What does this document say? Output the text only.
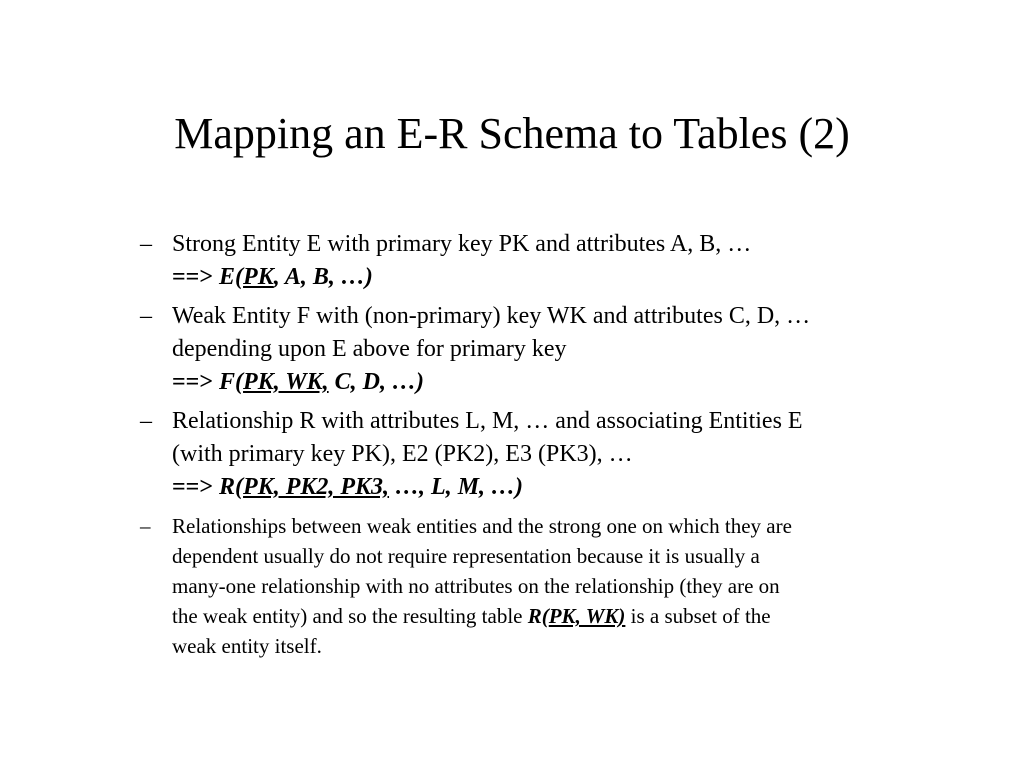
Mapping an E-R Schema to Tables (2)
– Strong Entity E with primary key PK and attributes A, B, …
==> E(PK, A, B, …)
– Weak Entity F with (non-primary) key WK and attributes C, D, …
depending upon E above for primary key
==> F(PK, WK, C, D, …)
– Relationship R with attributes L, M, … and associating Entities E
(with primary key PK), E2 (PK2), E3 (PK3), …
==> R(PK, PK2, PK3, …, L, M, …)
– Relationships between weak entities and the strong one on which they are
dependent usually do not require representation because it is usually a
many-one relationship with no attributes on the relationship (they are on
the weak entity) and so the resulting table R(PK, WK) is a subset of the
weak entity itself.
